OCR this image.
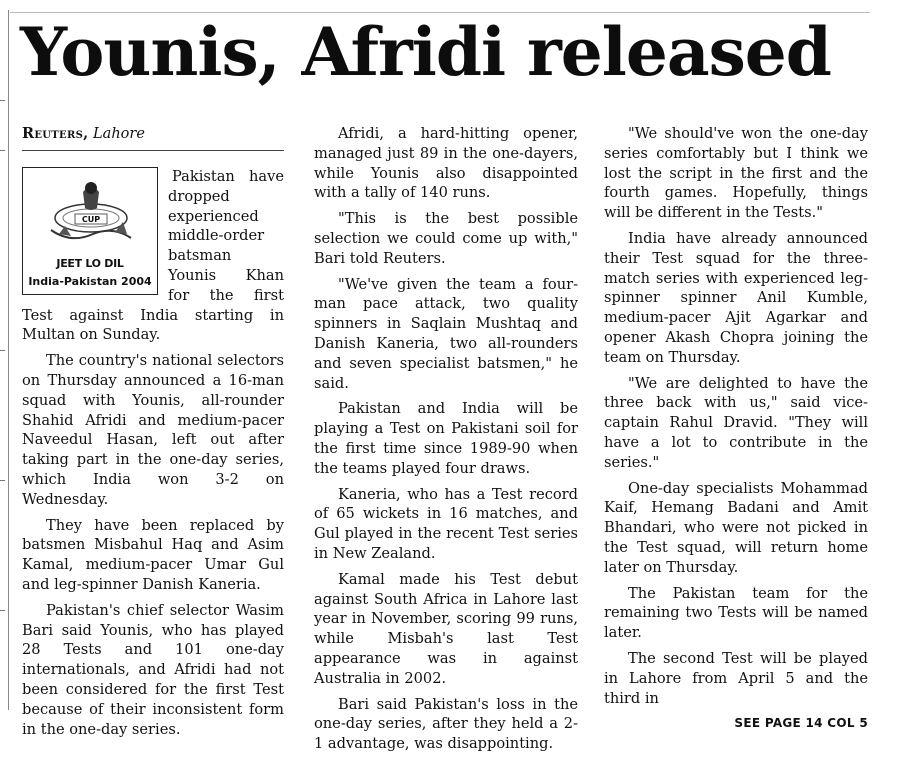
Younis, Afridi released
Reuters, Lahore
CUP
JEET LO DIL
India-Pakistan 2004

Pakistan have dropped experienced middle-order batsman Younis Khan for the first Test against India starting in Multan on Sunday.

The country's national selectors on Thursday announced a 16-man squad with Younis, all-rounder Shahid Afridi and medium-pacer Naveedul Hasan, left out after taking part in the one-day series, which India won 3-2 on Wednesday.

They have been replaced by batsmen Misbahul Haq and Asim Kamal, medium-pacer Umar Gul and leg-spinner Danish Kaneria.

Pakistan's chief selector Wasim Bari said Younis, who has played 28 Tests and 101 one-day internationals, and Afridi had not been considered for the first Test because of their inconsistent form in the one-day series.

Afridi, a hard-hitting opener, managed just 89 in the one-dayers, while Younis also disappointed with a tally of 140 runs.

"This is the best possible selection we could come up with," Bari told Reuters.

"We've given the team a four-man pace attack, two quality spinners in Saqlain Mushtaq and Danish Kaneria, two all-rounders and seven specialist batsmen," he said.

Pakistan and India will be playing a Test on Pakistani soil for the first time since 1989-90 when the teams played four draws.

Kaneria, who has a Test record of 65 wickets in 16 matches, and Gul played in the recent Test series in New Zealand.

Kamal made his Test debut against South Africa in Lahore last year in November, scoring 99 runs, while Misbah's last Test appearance was in against Australia in 2002.

Bari said Pakistan's loss in the one-day series, after they held a 2-1 advantage, was disappointing.

"We should've won the one-day series comfortably but I think we lost the script in the first and the fourth games. Hopefully, things will be different in the Tests."

India have already announced their Test squad for the three-match series with experienced leg-spinner spinner Anil Kumble, medium-pacer Ajit Agarkar and opener Akash Chopra joining the team on Thursday.

"We are delighted to have the three back with us," said vice-captain Rahul Dravid. "They will have a lot to contribute in the series."

One-day specialists Mohammad Kaif, Hemang Badani and Amit Bhandari, who were not picked in the Test squad, will return home later on Thursday.

The Pakistan team for the remaining two Tests will be named later.

The second Test will be played in Lahore from April 5 and the third in

SEE PAGE 14 COL 5
